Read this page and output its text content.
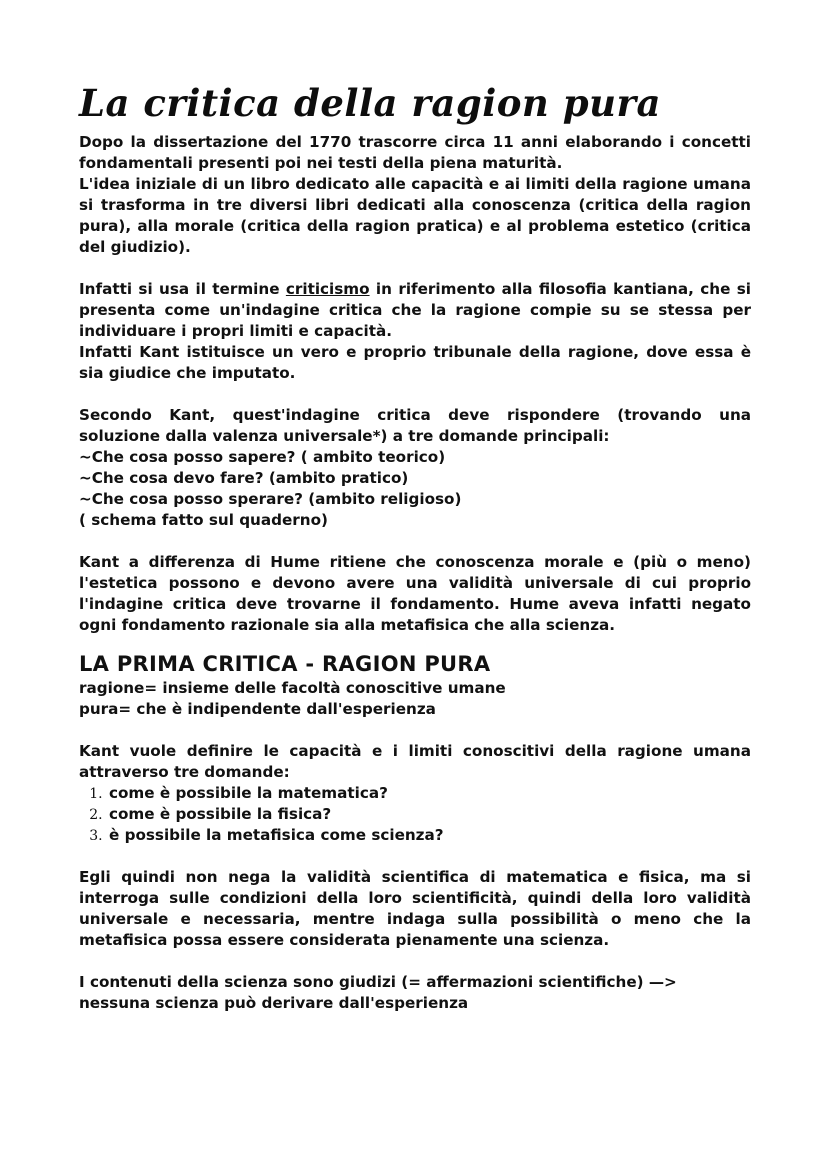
La critica della ragion pura

Dopo la dissertazione del 1770 trascorre circa 11 anni elaborando i concetti fondamentali presenti poi nei testi della piena maturità.

L'idea iniziale di un libro dedicato alle capacità e ai limiti della ragione umana si trasforma in tre diversi libri dedicati alla conoscenza (critica della ragion pura), alla morale (critica della ragion pratica) e al problema estetico (critica del giudizio).

Infatti si usa il termine criticismo in riferimento alla filosofia kantiana, che si presenta come un'indagine critica che la ragione compie su se stessa per individuare i propri limiti e capacità.

Infatti Kant istituisce un vero e proprio tribunale della ragione, dove essa è sia giudice che imputato.

Secondo Kant, quest'indagine critica deve rispondere (trovando una soluzione dalla valenza universale*) a tre domande principali:

~Che cosa posso sapere? ( ambito teorico)
~Che cosa devo fare? (ambito pratico)
~Che cosa posso sperare? (ambito religioso)
( schema fatto sul quaderno)

Kant a differenza di Hume ritiene che conoscenza morale e (più o meno) l'estetica possono e devono avere una validità universale di cui proprio l'indagine critica deve trovarne il fondamento. Hume aveva infatti negato ogni fondamento razionale sia alla metafisica che alla scienza.

LA PRIMA CRITICA - RAGION PURA
ragione= insieme delle facoltà conoscitive umane
pura= che è indipendente dall'esperienza

Kant vuole definire le capacità e i limiti conoscitivi della ragione umana attraverso tre domande:

1. come è possibile la matematica?
2. come è possibile la fisica?
3. è possibile la metafisica come scienza?

Egli quindi non nega la validità scientifica di matematica e fisica, ma si interroga sulle condizioni della loro scientificità, quindi della loro validità universale e necessaria, mentre indaga sulla possibilità o meno che la metafisica possa essere considerata pienamente una scienza.

I contenuti della scienza sono giudizi (= affermazioni scientifiche) —>
nessuna scienza può derivare dall'esperienza
